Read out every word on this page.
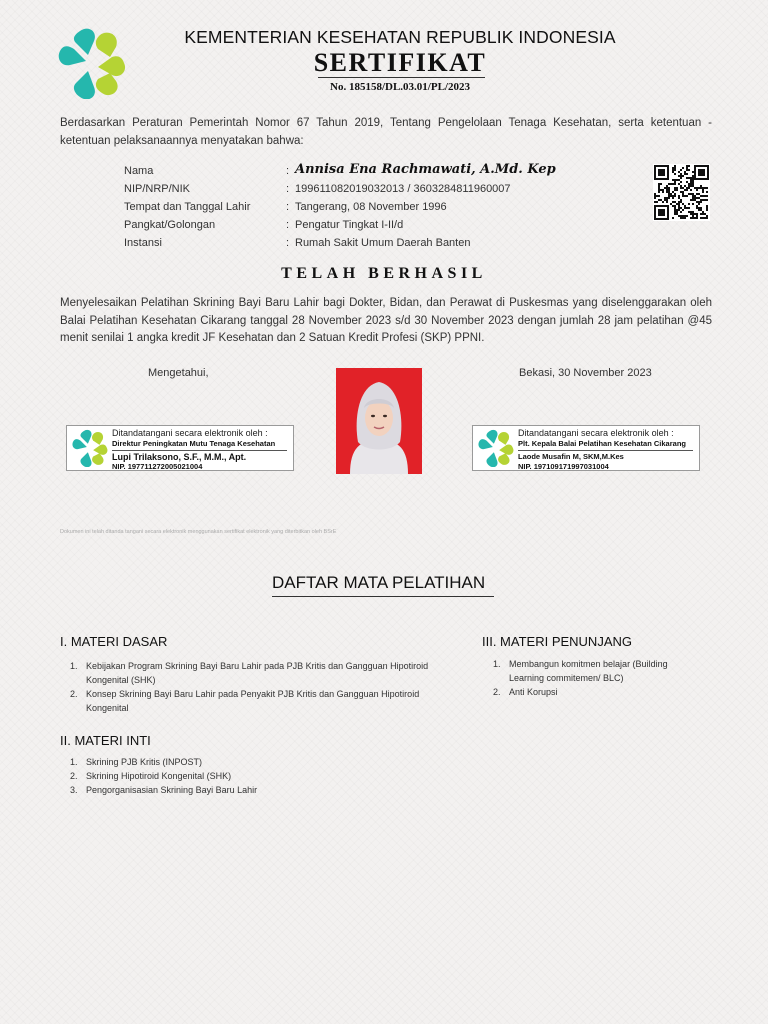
KEMENTERIAN KESEHATAN REPUBLIK INDONESIA
SERTIFIKAT
No. 185158/DL.03.01/PL/2023
Berdasarkan Peraturan Pemerintah Nomor 67 Tahun 2019, Tentang Pengelolaan Tenaga Kesehatan, serta ketentuan - ketentuan pelaksanaannya menyatakan bahwa:
Nama	: Annisa Ena Rachmawati, A.Md. Kep
NIP/NRP/NIK	: 199611082019032013 / 3603284811960007
Tempat dan Tanggal Lahir	: Tangerang, 08 November 1996
Pangkat/Golongan	: Pengatur Tingkat I-II/d
Instansi	: Rumah Sakit Umum Daerah Banten
TELAH BERHASIL
Menyelesaikan Pelatihan Skrining Bayi Baru Lahir bagi Dokter, Bidan, dan Perawat di Puskesmas yang diselenggarakan oleh Balai Pelatihan Kesehatan Cikarang tanggal 28 November 2023 s/d 30 November 2023 dengan jumlah 28 jam pelatihan @45 menit senilai 1 angka kredit JF Kesehatan dan 2 Satuan Kredit Profesi (SKP) PPNI.
Mengetahui,	Bekasi, 30 November 2023
Ditandatangani secara elektronik oleh :
Direktur Peningkatan Mutu Tenaga Kesehatan
Lupi Trilaksono, S.F., M.M., Apt.
NIP. 197711272005021004
Ditandatangani secara elektronik oleh :
Plt. Kepala Balai Pelatihan Kesehatan Cikarang
Laode Musafin M, SKM,M.Kes
NIP. 197109171997031004
Dokumen ini telah ditanda tangani secara elektronik menggunakan sertifikat elektronik yang diterbitkan oleh BSrE
DAFTAR MATA PELATIHAN
I. MATERI DASAR
1. Kebijakan Program Skrining Bayi Baru Lahir pada PJB Kritis dan Gangguan Hipotiroid Kongenital (SHK)
2. Konsep Skrining Bayi Baru Lahir pada Penyakit PJB Kritis dan Gangguan Hipotiroid Kongenital
II. MATERI INTI
1. Skrining PJB Kritis (INPOST)
2. Skrining Hipotiroid Kongenital (SHK)
3. Pengorganisasian Skrining Bayi Baru Lahir
III. MATERI PENUNJANG
1. Membangun komitmen belajar (Building Learning commitemen/ BLC)
2. Anti Korupsi
